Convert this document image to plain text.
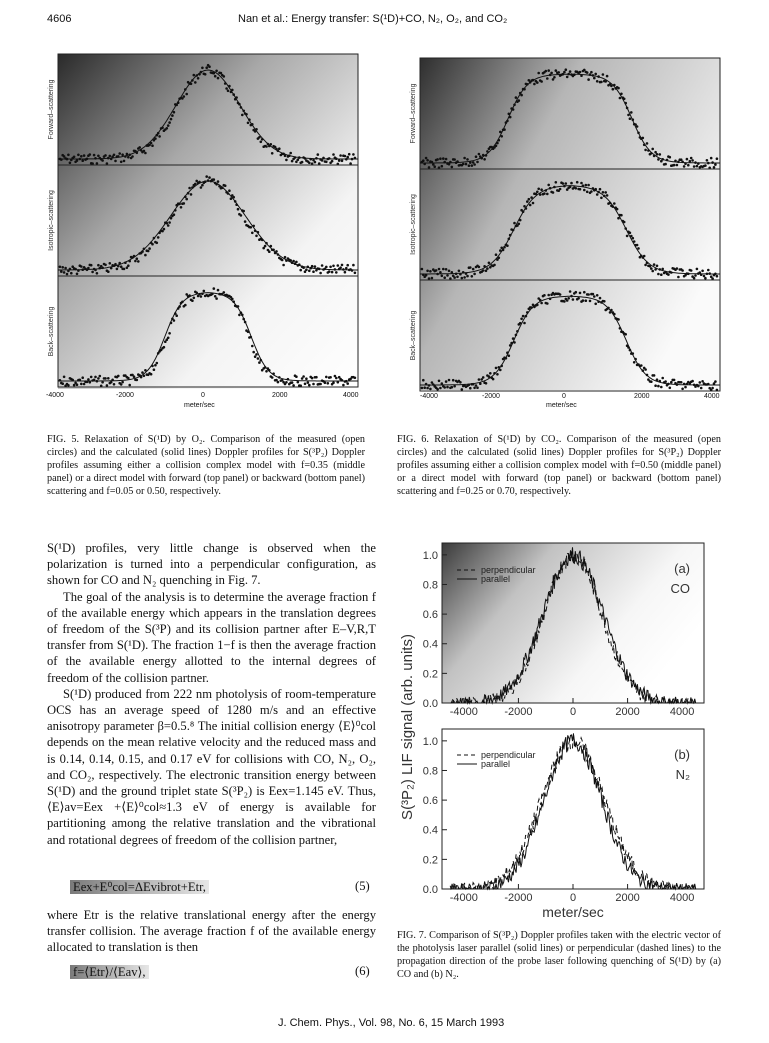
4606	Nan et al.: Energy transfer: S(¹D)+CO, N₂, O₂, and CO₂
Forward–scattering
Isotropic–scattering
Back–scattering
-4000	-2000	0	2000	4000
meter/sec
Forward–scattering
Isotropic–scattering
Back–scattering
-4000	-2000	0	2000	4000
meter/sec
FIG. 5. Relaxation of S(¹D) by O₂. Comparison of the measured (open circles) and the calculated (solid lines) Doppler profiles for S(³P₂) Doppler profiles assuming either a collision complex model with f=0.35 (middle panel) or a direct model with forward (top panel) or backward (bottom panel) scattering and f=0.05 or 0.50, respectively.
FIG. 6. Relaxation of S(¹D) by CO₂. Comparison of the measured (open circles) and the calculated (solid lines) Doppler profiles for S(³P₂) Doppler profiles assuming either a collision complex model with f=0.50 (middle panel) or a direct model with forward (top panel) or backward (bottom panel) scattering and f=0.25 or 0.70, respectively.

S(¹D) profiles, very little change is observed when the polarization is turned into a perpendicular configuration, as shown for CO and N₂ quenching in Fig. 7.

The goal of the analysis is to determine the average fraction f of the available energy which appears in the translation degrees of freedom of the S(³P) and its collision partner after E–V,R,T transfer from S(¹D). The fraction 1−f is then the average fraction of the available energy allotted to the internal degrees of freedom of the collision partner.

S(¹D) produced from 222 nm photolysis of room-temperature OCS has an average speed of 1280 m/s and an effective anisotropy parameter β=0.5.⁸ The initial collision energy ⟨E⟩⁰col depends on the mean relative velocity and the reduced mass and is 0.14, 0.14, 0.15, and 0.17 eV for collisions with CO, N₂, O₂, and CO₂, respectively. The electronic transition energy between S(¹D) and the ground triplet state S(³P₂) is Eex=1.145 eV. Thus, ⟨E⟩av=Eex +⟨E⟩⁰col≈1.3 eV of energy is available for partitioning among the relative translation and the vibrational and rotational degrees of freedom of the collision partner,

Eex+E⁰col=ΔEvibrot+Etr,	(5)
where Etr is the relative translational energy after the energy transfer collision. The average fraction f of the available energy allocated to translation is then
f=⟨Etr⟩/⟨Eav⟩,	(6)
S(³P₂) LIF signal (arb. units)
meter/sec
(a)
CO
(b)
N₂
perpendicular
parallel
perpendicular
parallel
0.0
0.2
0.4
0.6
0.8
1.0
-4000 -2000	0	2000	4000
0.0
0.2
0.4
0.6
0.8
1.0
-4000 -2000	0	2000	4000
FIG. 7. Comparison of S(³P₂) Doppler profiles taken with the electric vector of the photolysis laser parallel (solid lines) or perpendicular (dashed lines) to the propagation direction of the probe laser following quenching of S(¹D) by (a) CO and (b) N₂.
J. Chem. Phys., Vol. 98, No. 6, 15 March 1993
